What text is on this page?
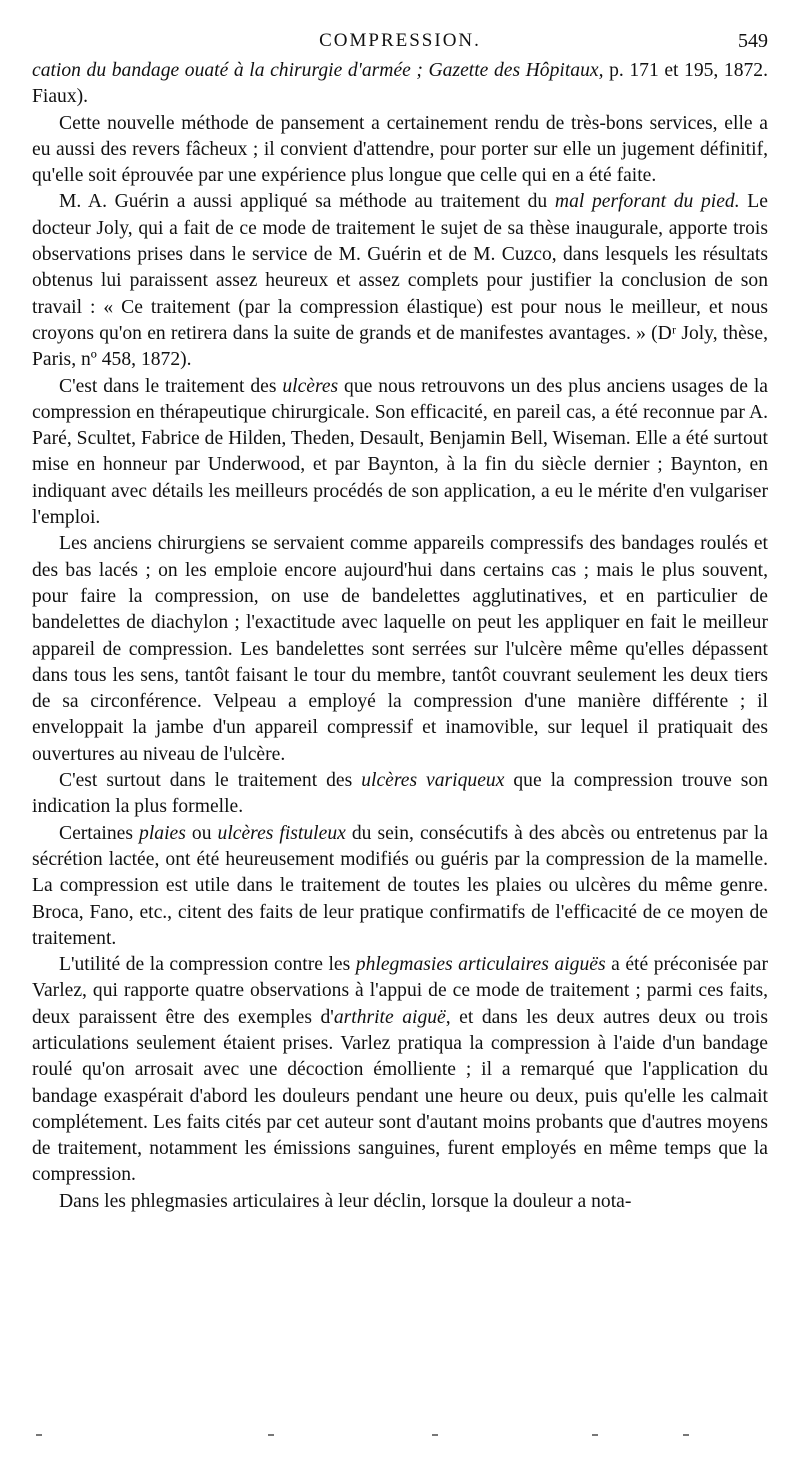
COMPRESSION.	549

cation du bandage ouaté à la chirurgie d'armée ; Gazette des Hôpitaux, p. 171 et 195, 1872. Fiaux).

Cette nouvelle méthode de pansement a certainement rendu de très-bons services, elle a eu aussi des revers fâcheux ; il convient d'attendre, pour porter sur elle un jugement définitif, qu'elle soit éprouvée par une expérience plus longue que celle qui en a été faite.

M. A. Guérin a aussi appliqué sa méthode au traitement du mal perforant du pied. Le docteur Joly, qui a fait de ce mode de traitement le sujet de sa thèse inaugurale, apporte trois observations prises dans le service de M. Guérin et de M. Cuzco, dans lesquels les résultats obtenus lui paraissent assez heureux et assez complets pour justifier la conclusion de son travail : « Ce traitement (par la compression élastique) est pour nous le meilleur, et nous croyons qu'on en retirera dans la suite de grands et de manifestes avantages. » (Dʳ Joly, thèse, Paris, nº 458, 1872).

C'est dans le traitement des ulcères que nous retrouvons un des plus anciens usages de la compression en thérapeutique chirurgicale. Son efficacité, en pareil cas, a été reconnue par A. Paré, Scultet, Fabrice de Hilden, Theden, Desault, Benjamin Bell, Wiseman. Elle a été surtout mise en honneur par Underwood, et par Baynton, à la fin du siècle dernier ; Baynton, en indiquant avec détails les meilleurs procédés de son application, a eu le mérite d'en vulgariser l'emploi.

Les anciens chirurgiens se servaient comme appareils compressifs des bandages roulés et des bas lacés ; on les emploie encore aujourd'hui dans certains cas ; mais le plus souvent, pour faire la compression, on use de bandelettes agglutinatives, et en particulier de bandelettes de diachylon ; l'exactitude avec laquelle on peut les appliquer en fait le meilleur appareil de compression. Les bandelettes sont serrées sur l'ulcère même qu'elles dépassent dans tous les sens, tantôt faisant le tour du membre, tantôt couvrant seulement les deux tiers de sa circonférence. Velpeau a employé la compression d'une manière différente ; il enveloppait la jambe d'un appareil compressif et inamovible, sur lequel il pratiquait des ouvertures au niveau de l'ulcère.

C'est surtout dans le traitement des ulcères variqueux que la compression trouve son indication la plus formelle.

Certaines plaies ou ulcères fistuleux du sein, consécutifs à des abcès ou entretenus par la sécrétion lactée, ont été heureusement modifiés ou guéris par la compression de la mamelle. La compression est utile dans le traitement de toutes les plaies ou ulcères du même genre. Broca, Fano, etc., citent des faits de leur pratique confirmatifs de l'efficacité de ce moyen de traitement.

L'utilité de la compression contre les phlegmasies articulaires aiguës a été préconisée par Varlez, qui rapporte quatre observations à l'appui de ce mode de traitement ; parmi ces faits, deux paraissent être des exemples d'arthrite aiguë, et dans les deux autres deux ou trois articulations seulement étaient prises. Varlez pratiqua la compression à l'aide d'un bandage roulé qu'on arrosait avec une décoction émolliente ; il a remarqué que l'application du bandage exaspérait d'abord les douleurs pendant une heure ou deux, puis qu'elle les calmait complétement. Les faits cités par cet auteur sont d'autant moins probants que d'autres moyens de traitement, notamment les émissions sanguines, furent employés en même temps que la compression.

Dans les phlegmasies articulaires à leur déclin, lorsque la douleur a nota-
